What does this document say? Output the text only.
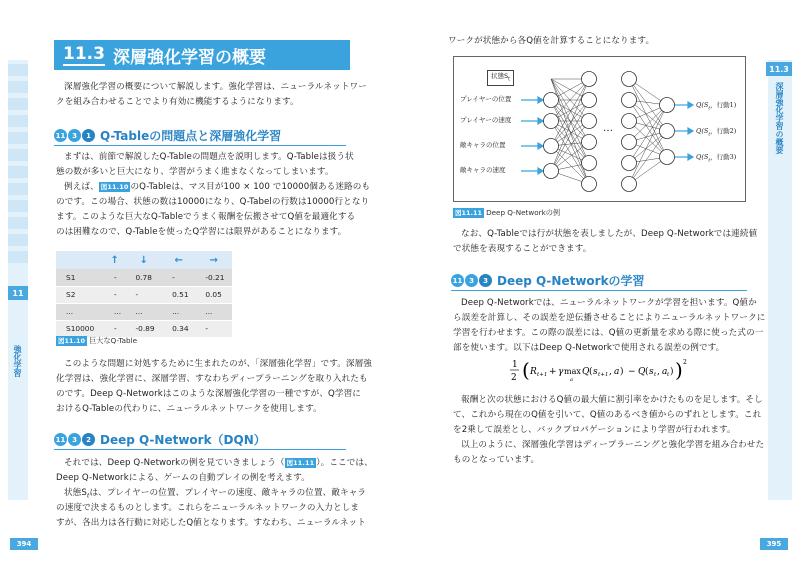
11
強化学習
394
11.3
深層強化学習の概要
395
11.3 深層強化学習の概要
深層強化学習の概要について解説します。強化学習は、ニューラルネットワー
クを組み合わせることでより有効に機能するようになります。
11 3	1 Q-Tableの問題点と深層強化学習
まずは、前節で解説したQ-Tableの問題点を説明します。Q-Tableは扱う状
態の数が多いと巨大になり、学習がうまく進まなくなってしまいます。
例えば、 図11.10 のQ-Tableは、マス目が100 × 100 で10000個ある迷路のも
のです。この場合、状態の数は10000になり、Q-Tabelの行数は10000行となり
ます。このような巨大なQ-Tableでうまく報酬を伝搬させてQ値を最適化する
のは困難なので、Q-Tableを使ったQ学習には限界があることになります。
	↑	↓	←	→
S1	-	0.78	-	-0.21
S2	-	-	0.51	0.05
...	...	...	...	...
S10000	-	-0.89	0.34	-
図11.10 巨大なQ-Table
このような問題に対処するために生まれたのが、「深層強化学習」です。深層強
化学習は、強化学習に、深層学習、すなわちディープラーニングを取り入れたも
のです。Deep Q-Networkはこのような深層強化学習の一種ですが、Q学習に
おけるQ-Tableの代わりに、ニューラルネットワークを使用します。
11 3	2 Deep Q-Network（DQN）
それでは、Deep Q-Networkの例を見ていきましょう（ 図11.11 ）。ここでは、
Deep Q-Networkによる、ゲームの自動プレイの例を考えます。
状態$S_t$は、プレイヤーの位置、プレイヤーの速度、敵キャラの位置、敵キャラ
の速度で決まるものとします。これらをニューラルネットワークの入力としま
すが、各出力は各行動に対応したQ値となります。すなわち、ニューラルネット
ワークが状態から各Q値を計算することになります。
状態$S_t$
プレイヤーの位置
プレイヤーの速度
敵キャラの位置
敵キャラの速度
…
$Q(S_t$，行動1)
$Q(S_t$，行動2)
$Q(S_t$，行動3)
図11.11 Deep Q-Networkの例
なお、Q-Tableでは行が状態を表しましたが、Deep Q-Networkでは連続値
で状態を表現することができます。
11 3	3 Deep Q-Networkの学習
Deep Q-Networkでは、ニューラルネットワークが学習を担います。Q値か
ら誤差を計算し、その誤差を逆伝播させることによりニューラルネットワークに
学習を行わせます。この際の誤差には、Q値の更新量を求める際に使った式の一
部を使います。以下はDeep Q-Networkで使用される誤差の例です。
1
2 ( R t+1 + γ max
a
Q ( s t+1 , a ) − Q ( s t , a t ) ) 2
報酬と次の状態におけるQ値の最大値に割引率をかけたものを足します。そし
て、これから現在のQ値を引いて、Q値のあるべき値からのずれとします。これ
を2乗して誤差とし、バックプロパゲーションにより学習が行われます。
以上のように、深層強化学習はディープラーニングと強化学習を組み合わせた
ものとなっています。
